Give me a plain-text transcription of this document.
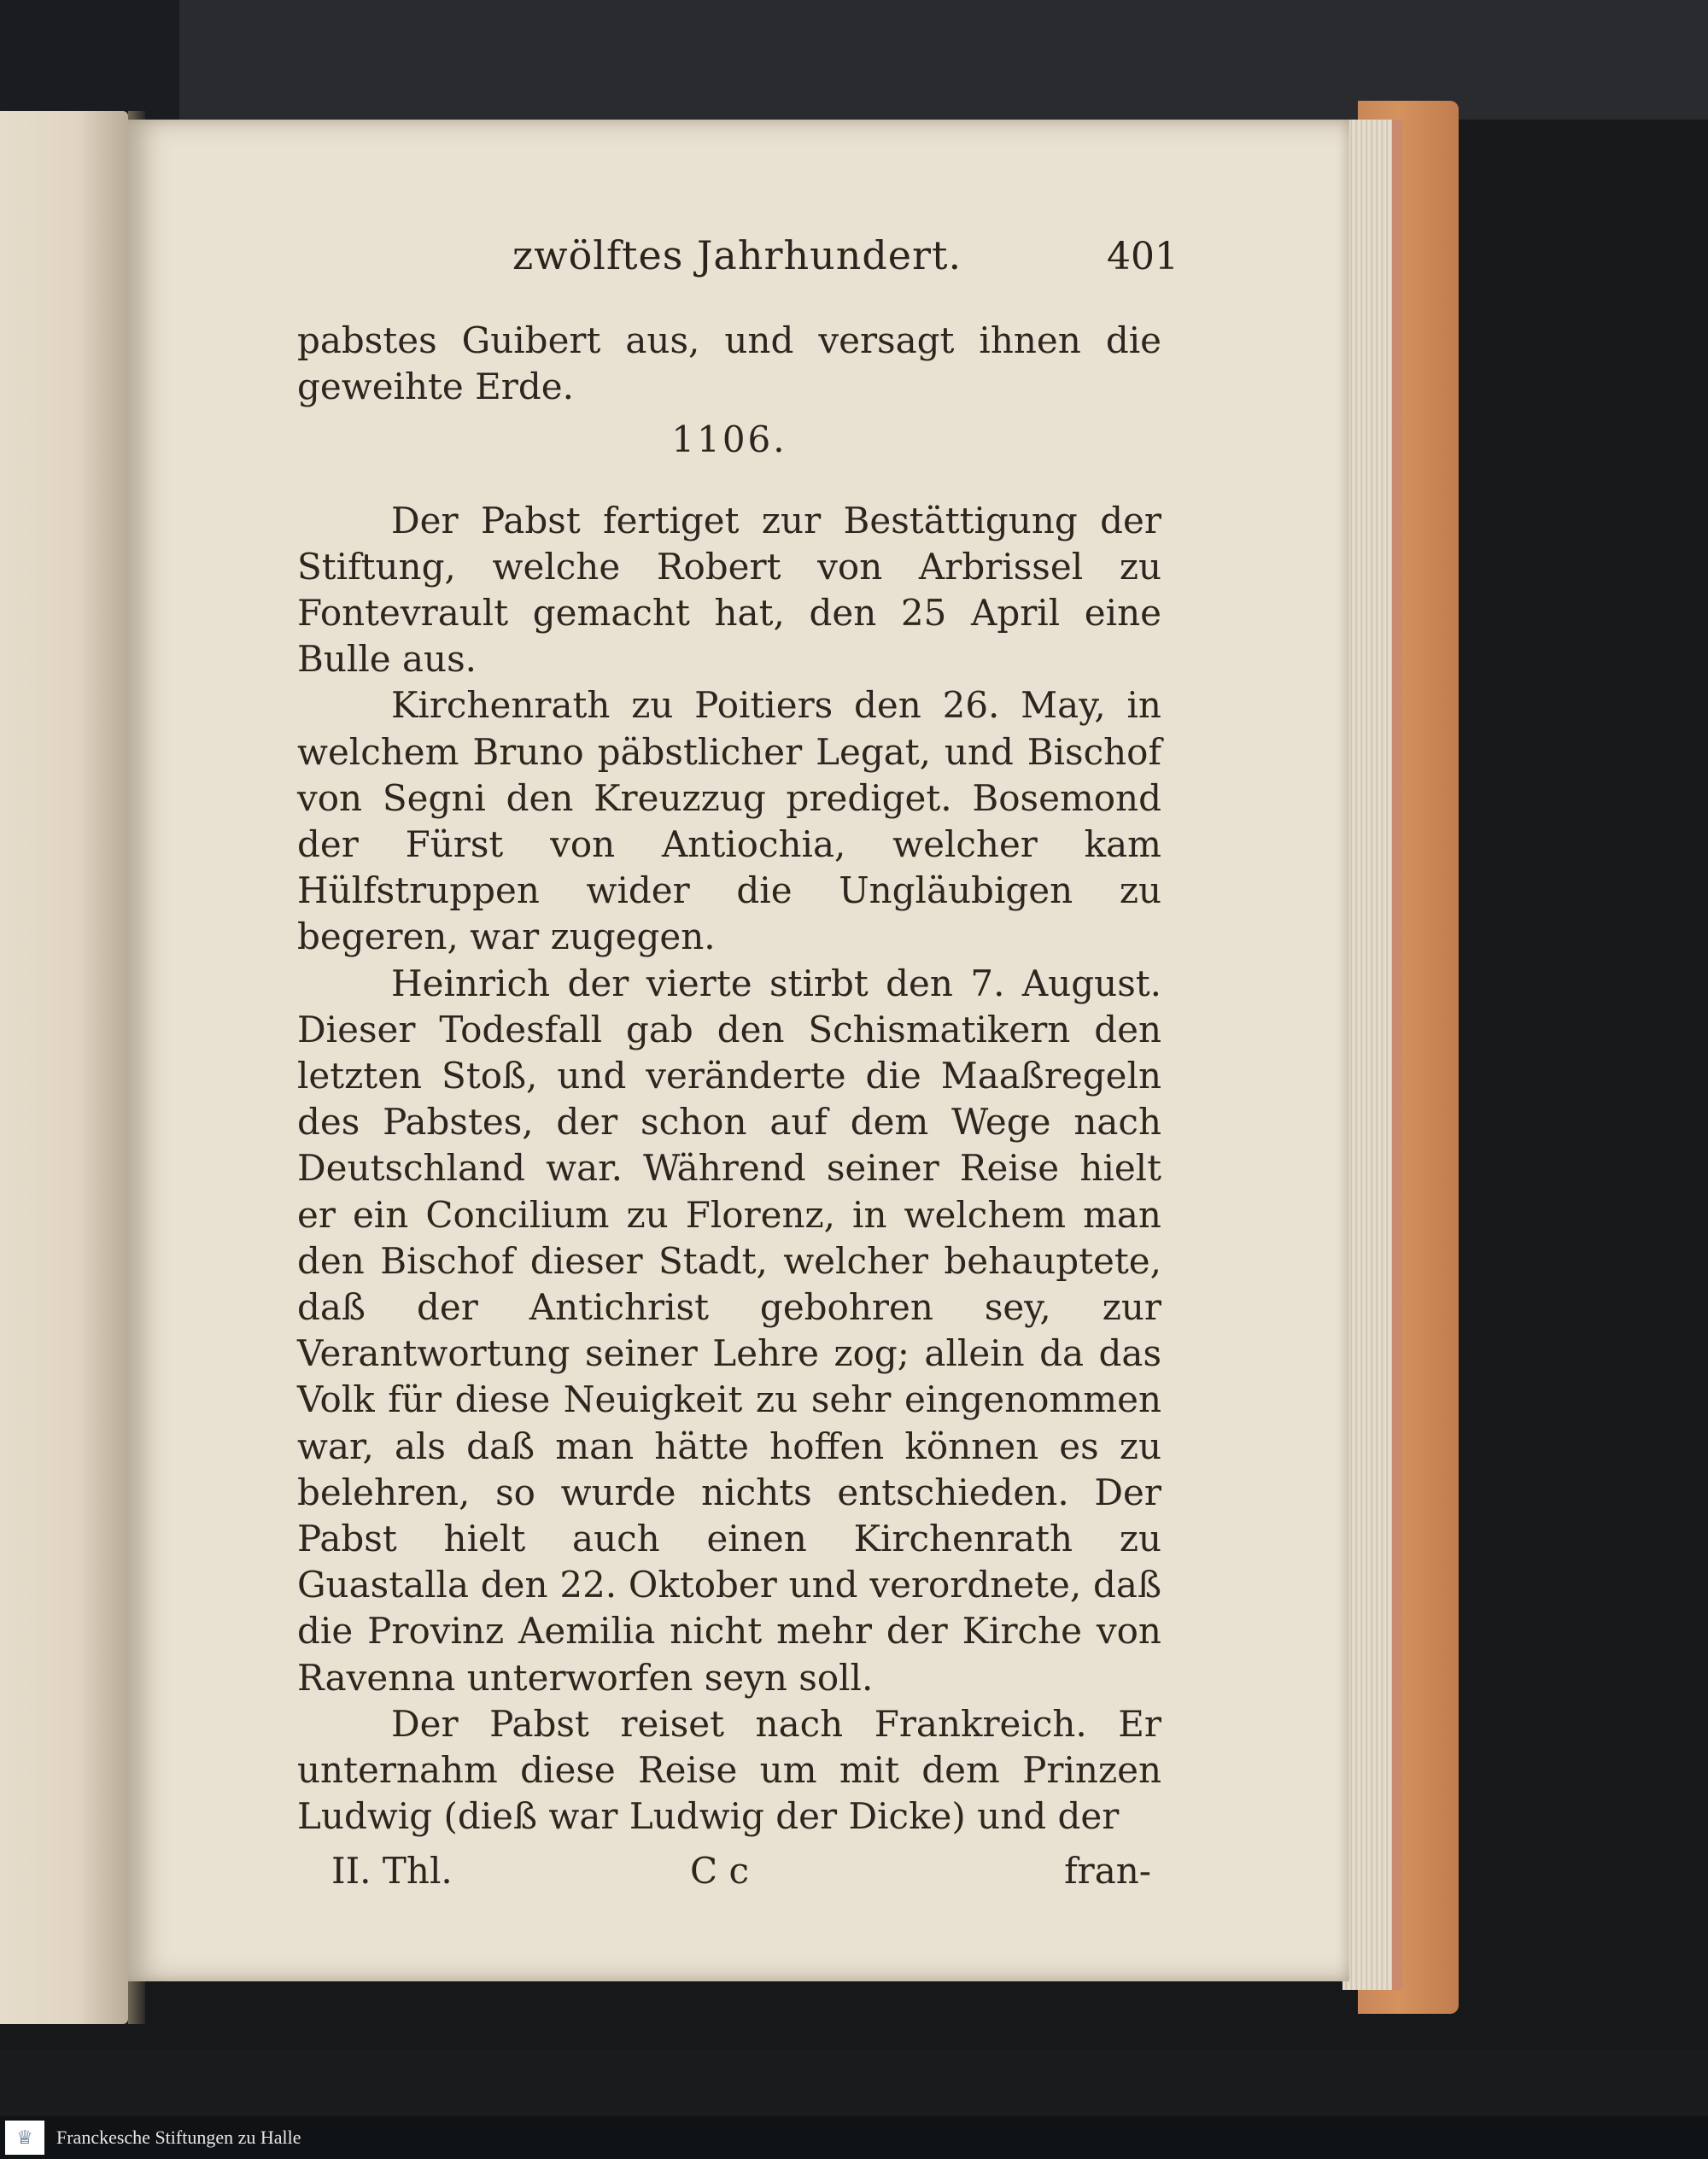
zwölftes Jahrhundert.	401

pabstes Guibert aus, und versagt ihnen die geweihte Erde.

1106.

Der Pabst fertiget zur Bestättigung der Stiftung, welche Robert von Arbrissel zu Fontevrault gemacht hat, den 25 April eine Bulle aus.

Kirchenrath zu Poitiers den 26. May, in welchem Bruno päbstlicher Legat, und Bischof von Segni den Kreuzzug prediget. Bosemond der Fürst von Antiochia, welcher kam Hülfstruppen wider die Ungläubigen zu begeren, war zugegen.

Heinrich der vierte stirbt den 7. August. Dieser Todesfall gab den Schismatikern den letzten Stoß, und veränderte die Maaßregeln des Pabstes, der schon auf dem Wege nach Deutschland war. Während seiner Reise hielt er ein Concilium zu Florenz, in welchem man den Bischof dieser Stadt, welcher behauptete, daß der Antichrist gebohren sey, zur Verantwortung seiner Lehre zog; allein da das Volk für diese Neuigkeit zu sehr eingenommen war, als daß man hätte hoffen können es zu belehren, so wurde nichts entschieden. Der Pabst hielt auch einen Kirchenrath zu Guastalla den 22. Oktober und verordnete, daß die Provinz Aemilia nicht mehr der Kirche von Ravenna unterworfen seyn soll.

Der Pabst reiset nach Frankreich. Er unternahm diese Reise um mit dem Prinzen Ludwig (dieß war Ludwig der Dicke) und der

II. Thl.	C c	fran-
♕	Franckesche Stiftungen zu Halle
